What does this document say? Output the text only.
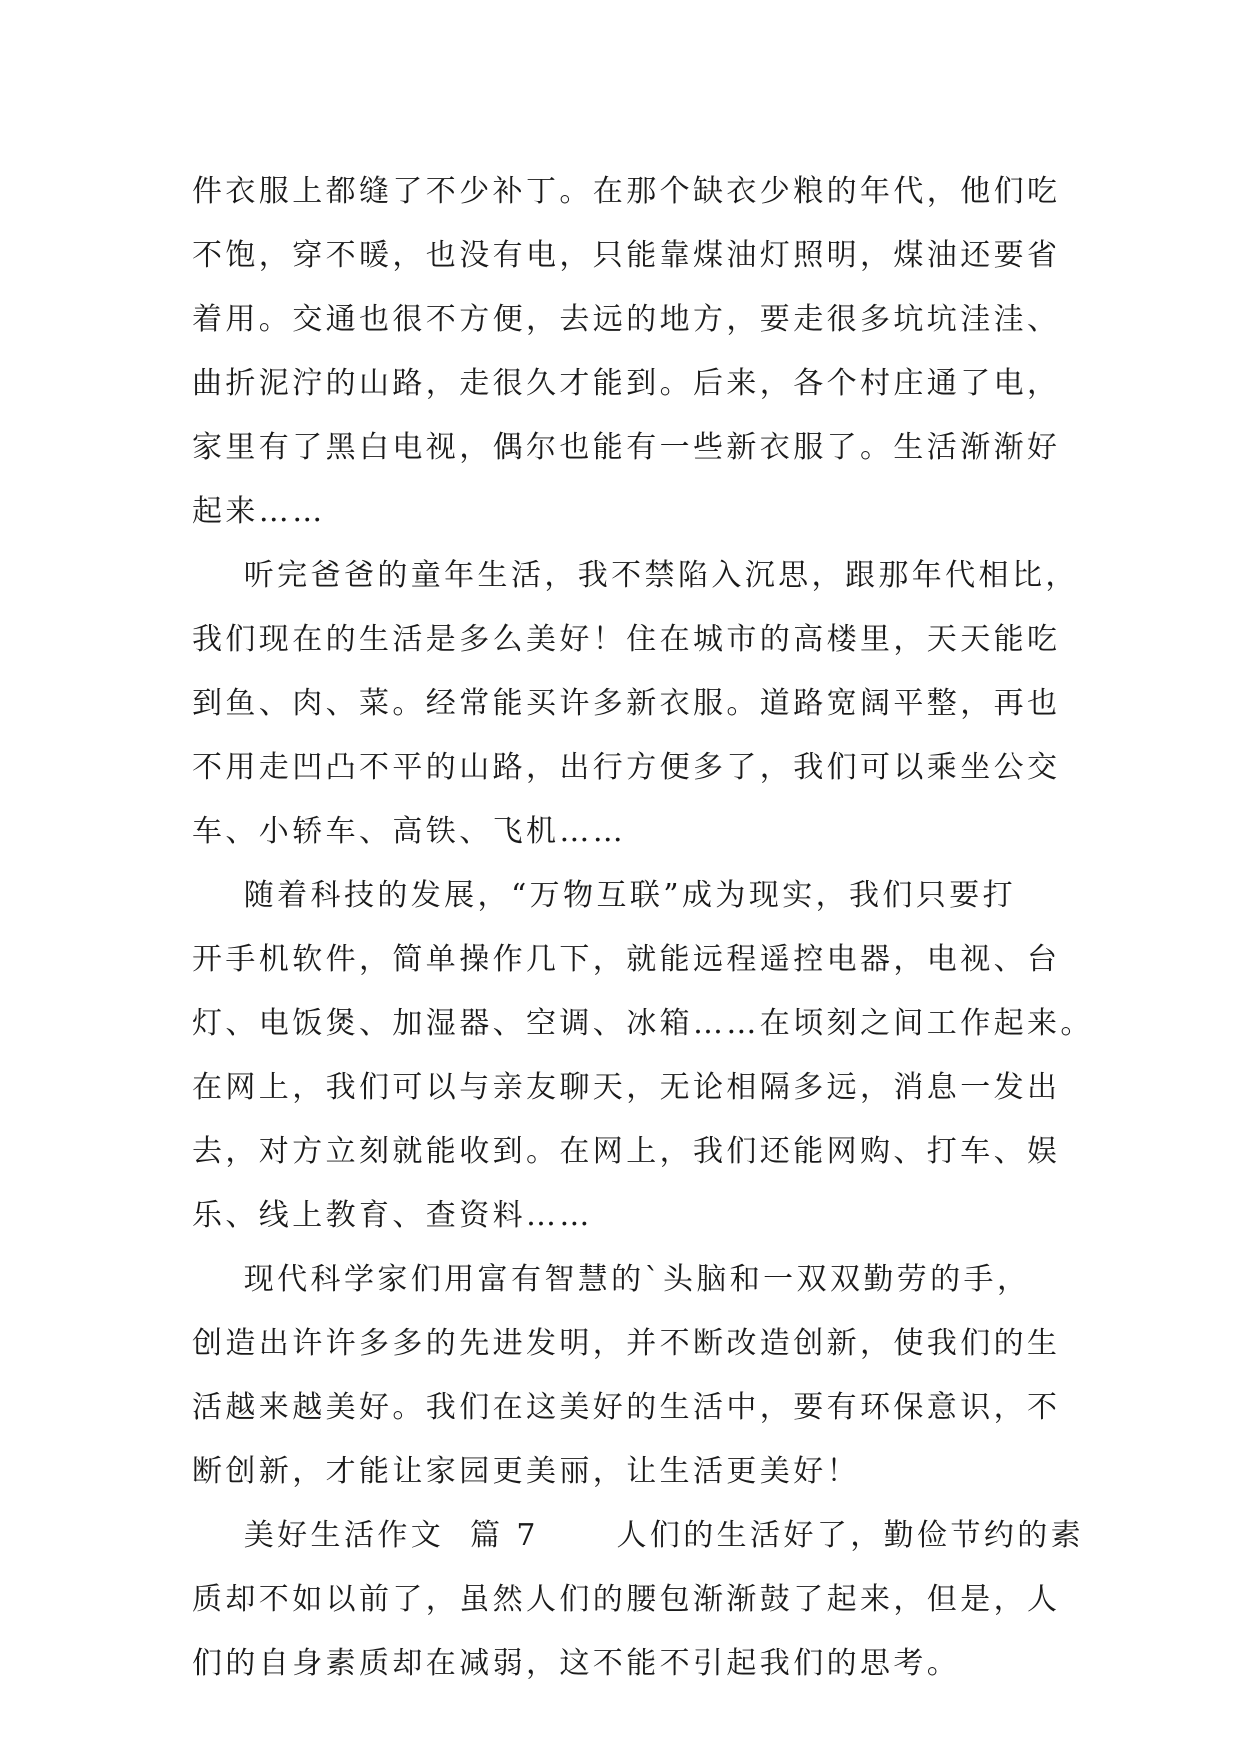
件衣服上都缝了不少补丁。在那个缺衣少粮的年代，他们吃
不饱，穿不暖，也没有电，只能靠煤油灯照明，煤油还要省
着用。交通也很不方便，去远的地方，要走很多坑坑洼洼、
曲折泥泞的山路，走很久才能到。后来，各个村庄通了电，
家里有了黑白电视，偶尔也能有一些新衣服了。生活渐渐好
起来……
听完爸爸的童年生活，我不禁陷入沉思，跟那年代相比，
我们现在的生活是多么美好！住在城市的高楼里，天天能吃
到鱼、肉、菜。经常能买许多新衣服。道路宽阔平整，再也
不用走凹凸不平的山路，出行方便多了，我们可以乘坐公交
车、小轿车、高铁、飞机……
随着科技的发展，“万物互联”成为现实，我们只要打
开手机软件，简单操作几下，就能远程遥控电器，电视、台
灯、电饭煲、加湿器、空调、冰箱……在顷刻之间工作起来。
在网上，我们可以与亲友聊天，无论相隔多远，消息一发出
去，对方立刻就能收到。在网上，我们还能网购、打车、娱
乐、线上教育、查资料……
现代科学家们用富有智慧的`头脑和一双双勤劳的手，
创造出许许多多的先进发明，并不断改造创新，使我们的生
活越来越美好。我们在这美好的生活中，要有环保意识，不
断创新，才能让家园更美丽，让生活更美好！
美好生活作文  篇 7      人们的生活好了，勤俭节约的素
质却不如以前了，虽然人们的腰包渐渐鼓了起来，但是，人
们的自身素质却在减弱，这不能不引起我们的思考。
